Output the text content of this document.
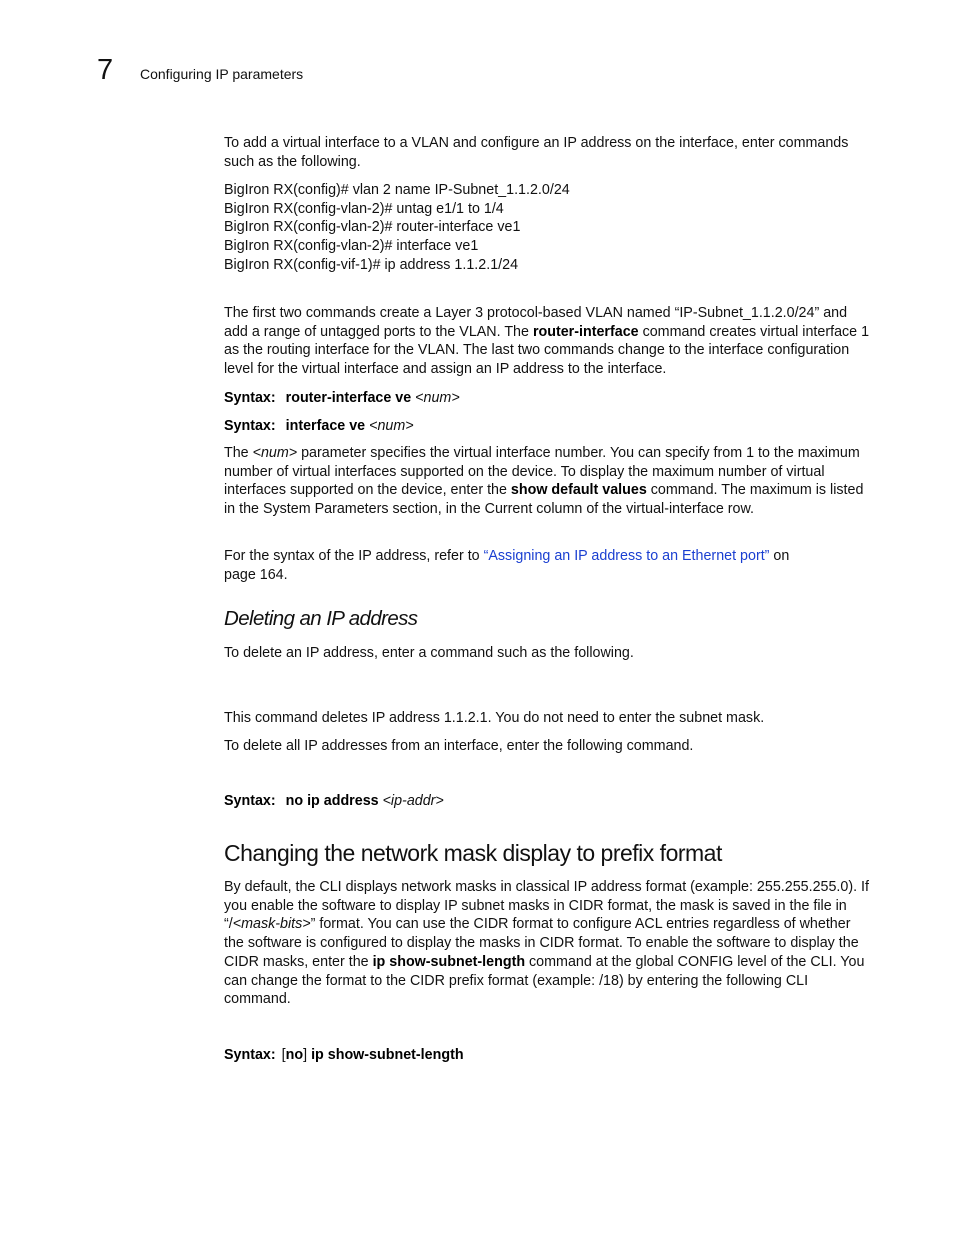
7 Configuring IP parameters

To add a virtual interface to a VLAN and configure an IP address on the interface, enter commands such as the following.

BigIron RX(config)# vlan 2 name IP-Subnet_1.1.2.0/24
BigIron RX(config-vlan-2)# untag e1/1 to 1/4
BigIron RX(config-vlan-2)# router-interface ve1
BigIron RX(config-vlan-2)# interface ve1
BigIron RX(config-vif-1)# ip address 1.1.2.1/24

The first two commands create a Layer 3 protocol-based VLAN named “IP-Subnet_1.1.2.0/24” and add a range of untagged ports to the VLAN. The router-interface command creates virtual interface 1 as the routing interface for the VLAN. The last two commands change to the interface configuration level for the virtual interface and assign an IP address to the interface.

Syntax: router-interface ve <num>
Syntax: interface ve <num>

The <num> parameter specifies the virtual interface number. You can specify from 1 to the maximum number of virtual interfaces supported on the device. To display the maximum number of virtual interfaces supported on the device, enter the show default values command. The maximum is listed in the System Parameters section, in the Current column of the virtual-interface row.

For the syntax of the IP address, refer to “Assigning an IP address to an Ethernet port” on page 164.

Deleting an IP address

To delete an IP address, enter a command such as the following.

This command deletes IP address 1.1.2.1. You do not need to enter the subnet mask.

To delete all IP addresses from an interface, enter the following command.

Syntax: no ip address <ip-addr>
Changing the network mask display to prefix format

By default, the CLI displays network masks in classical IP address format (example: 255.255.255.0). If you enable the software to display IP subnet masks in CIDR format, the mask is saved in the file in “/<mask-bits>” format. You can use the CIDR format to configure ACL entries regardless of whether the software is configured to display the masks in CIDR format. To enable the software to display the CIDR masks, enter the ip show-subnet-length command at the global CONFIG level of the CLI. You can change the format to the CIDR prefix format (example: /18) by entering the following CLI command.

Syntax: [no] ip show-subnet-length
